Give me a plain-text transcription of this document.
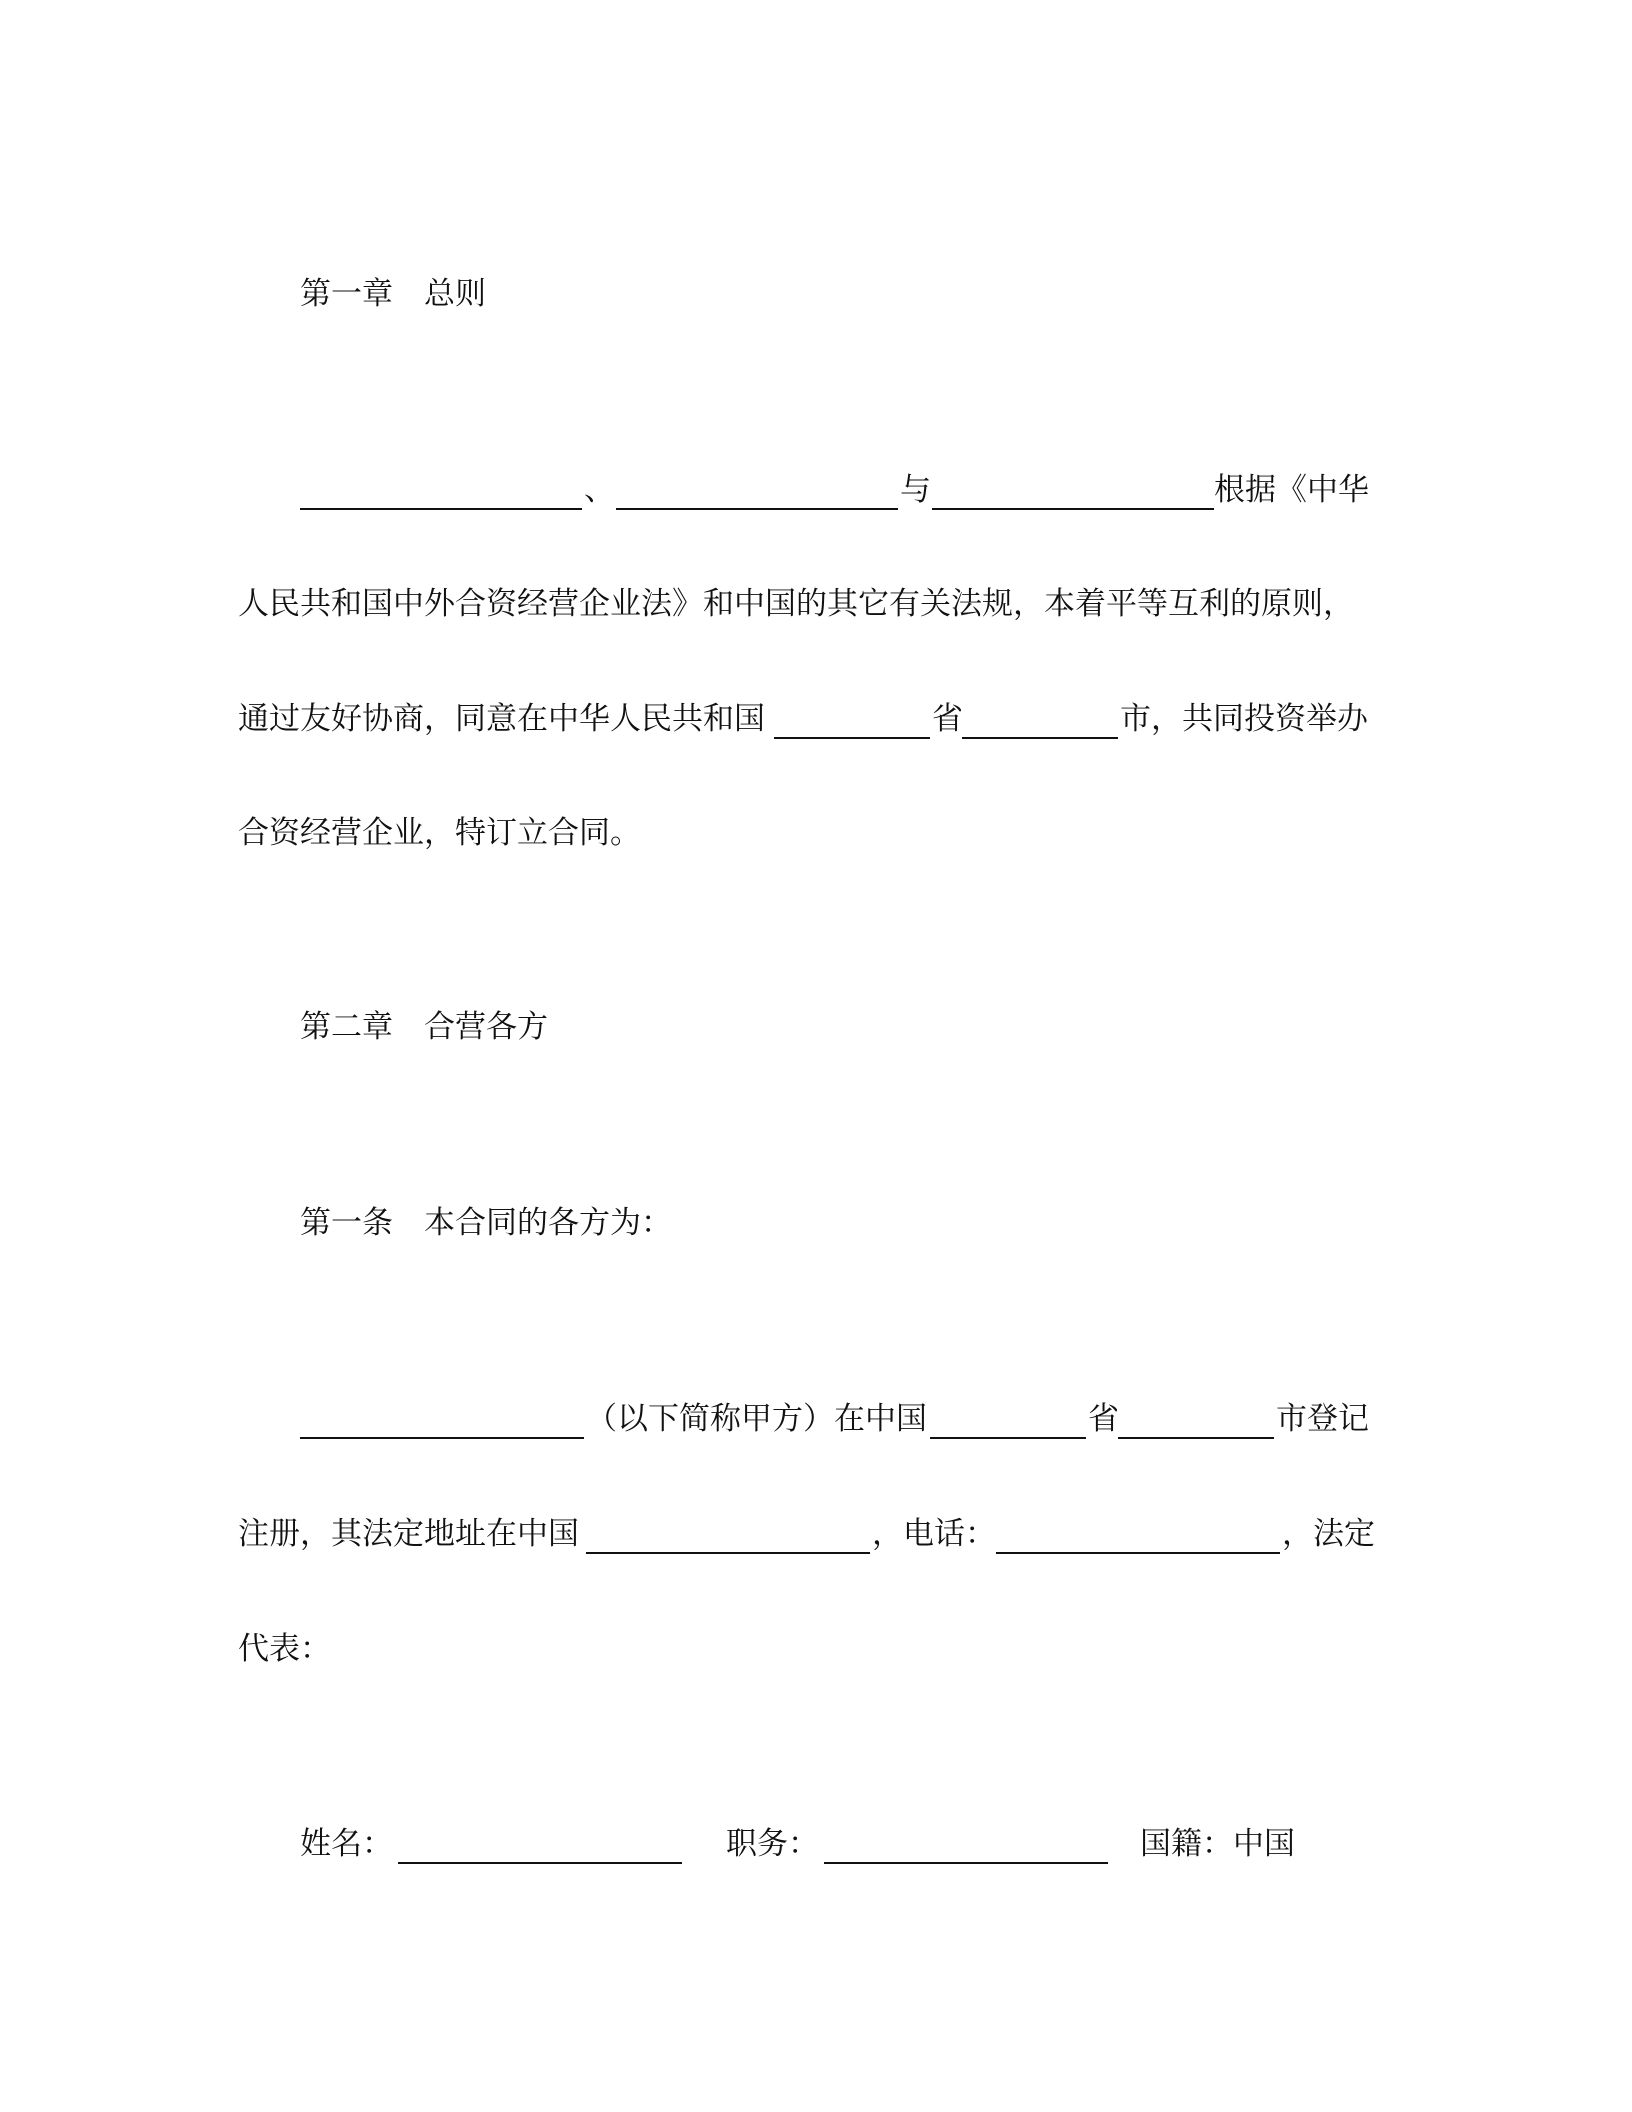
第一章　总则
、	与	根据《中华
人民共和国中外合资经营企业法》和中国的其它有关法规，本着平等互利的原则，
通过友好协商，同意在中华人民共和国	省	市，共同投资举办
合资经营企业，特订立合同。
第二章　合营各方
第一条　本合同的各方为：
（以下简称甲方）在中国	省	市登记
注册，其法定地址在中国	，电话：	，法定
代表：
姓名：	职务：	国籍：中国
